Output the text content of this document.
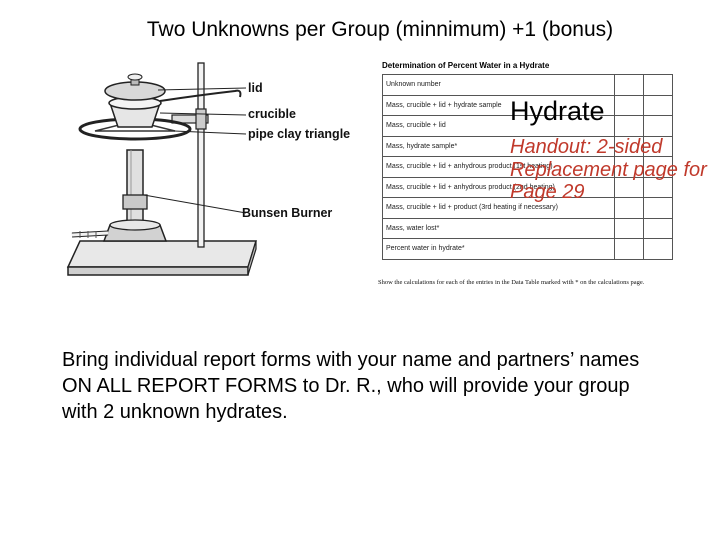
Two Unknowns per Group (minnimum) +1 (bonus)
lid
crucible
pipe clay triangle
Bunsen Burner
Determination of Percent Water in a Hydrate
Unknown number		
Mass, crucible + lid + hydrate sample		
Mass, crucible + lid		
Mass, hydrate sample*		
Mass, crucible + lid + anhydrous product (1st heating)		
Mass, crucible + lid + anhydrous product (2nd heating)		
Mass, crucible + lid + product (3rd heating if necessary)		
Mass, water lost*		
Percent water in hydrate*		
Show the calculations for each of the entries in the Data Table marked with * on the calculations page.
Hydrate
Handout: 2-sided Replacement page for Page 29
Bring individual report forms with your name and partners’ names ON ALL REPORT FORMS to Dr. R., who will provide your group with 2 unknown hydrates.
